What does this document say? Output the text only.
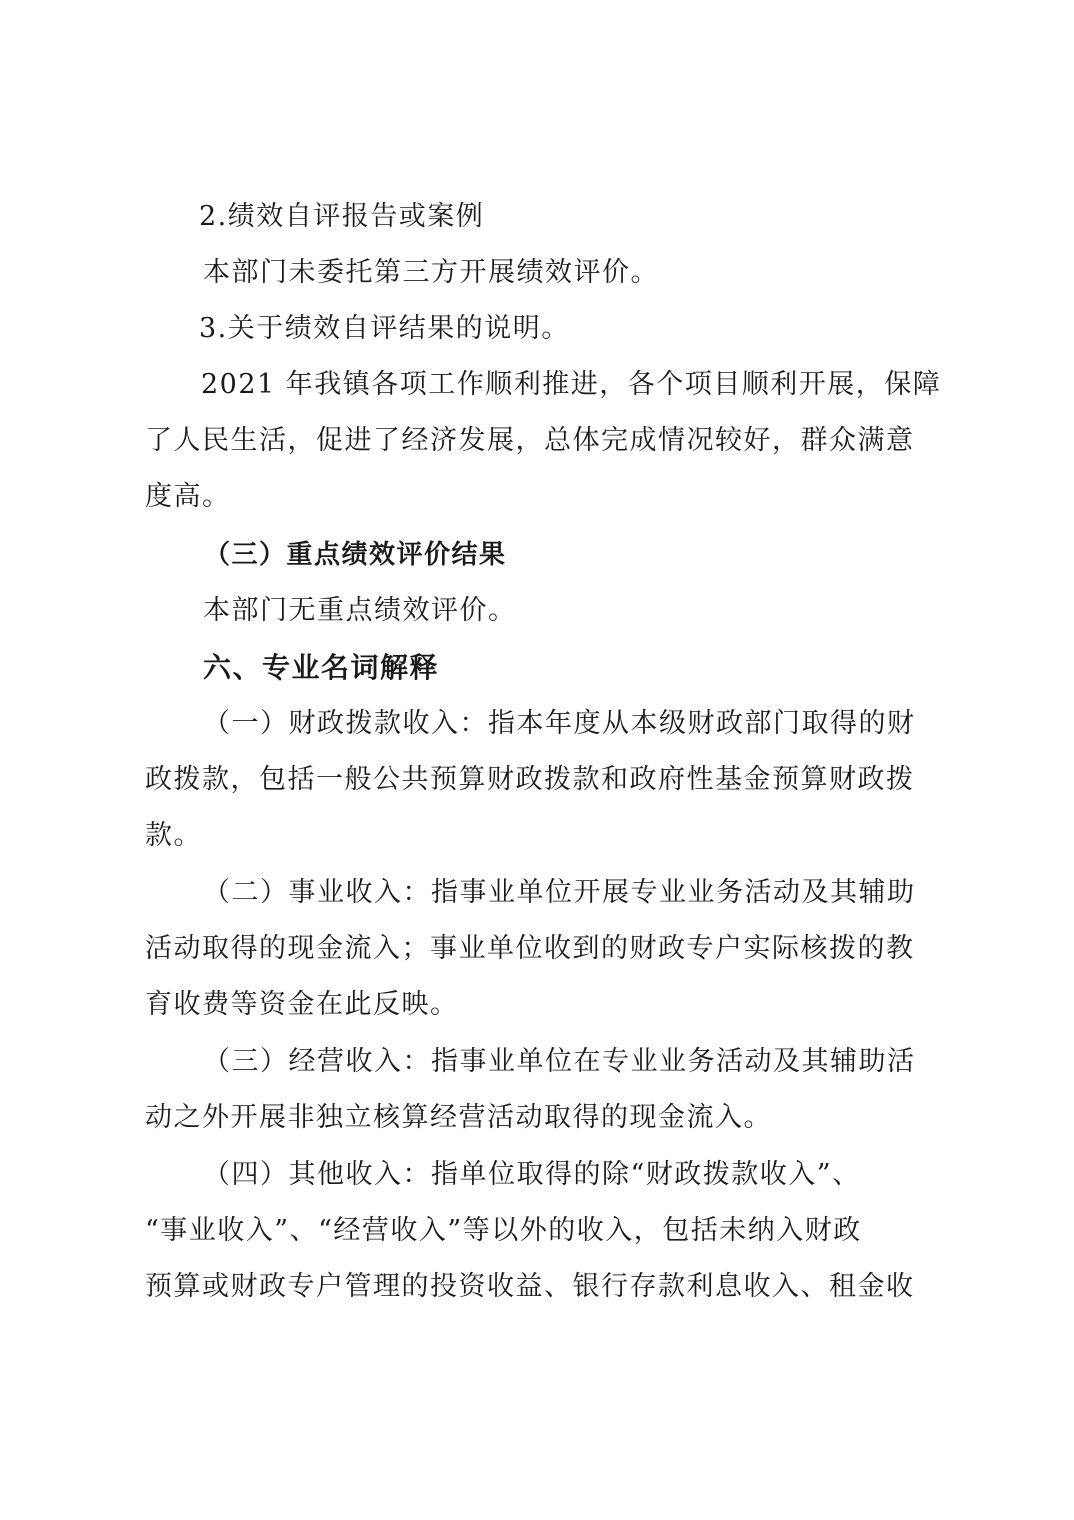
2.绩效自评报告或案例
本部门未委托第三方开展绩效评价。
3.关于绩效自评结果的说明。
2021 年我镇各项工作顺利推进，各个项目顺利开展，保障
了人民生活，促进了经济发展，总体完成情况较好，群众满意
度高。
（三）重点绩效评价结果
本部门无重点绩效评价。
六、专业名词解释
（一）财政拨款收入：指本年度从本级财政部门取得的财
政拨款，包括一般公共预算财政拨款和政府性基金预算财政拨
款。
（二）事业收入：指事业单位开展专业业务活动及其辅助
活动取得的现金流入；事业单位收到的财政专户实际核拨的教
育收费等资金在此反映。
（三）经营收入：指事业单位在专业业务活动及其辅助活
动之外开展非独立核算经营活动取得的现金流入。
（四）其他收入：指单位取得的除“财政拨款收入”、
“事业收入”、“经营收入”等以外的收入，包括未纳入财政
预算或财政专户管理的投资收益、银行存款利息收入、租金收
